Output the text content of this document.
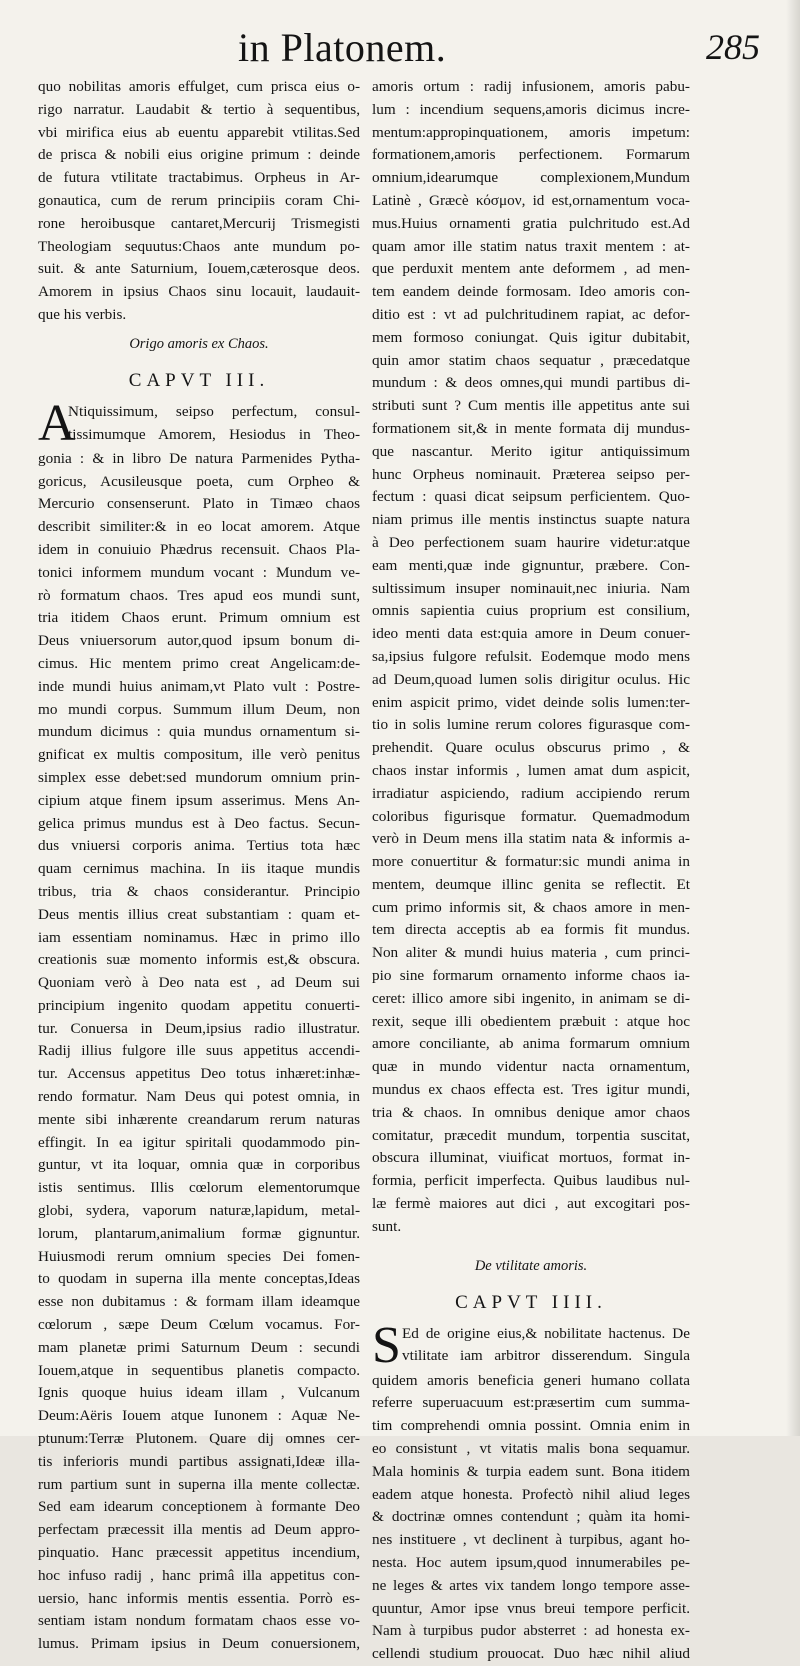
in Platonem.	285
quo nobilitas amoris effulget, cum prisca eius o-
rigo narratur. Laudabit & tertio à sequentibus,
vbi mirifica eius ab euentu apparebit vtilitas.Sed
de prisca & nobili eius origine primum : deinde
de futura vtilitate tractabimus. Orpheus in Ar-
gonautica, cum de rerum principiis coram Chi-
rone heroibusque cantaret,Mercurij Trismegisti
Theologiam sequutus:Chaos ante mundum po-
suit. & ante Saturnium, Iouem,cæterosque deos.
Amorem in ipsius Chaos sinu locauit, laudauit-
que his verbis.
Origo amoris ex Chaos.
CAPVT III.
A
Ntiquissimum, seipso perfectum, consul-
tissimumque Amorem, Hesiodus in Theo-
gonia : & in libro De natura Parmenides Pytha-
goricus, Acusileusque poeta, cum Orpheo &
Mercurio consenserunt. Plato in Timæo chaos
describit similiter:& in eo locat amorem. Atque
idem in conuiuio Phædrus recensuit. Chaos Pla-
tonici informem mundum vocant : Mundum ve-
rò formatum chaos. Tres apud eos mundi sunt,
tria itidem Chaos erunt. Primum omnium est
Deus vniuersorum autor,quod ipsum bonum di-
cimus. Hic mentem primo creat Angelicam:de-
inde mundi huius animam,vt Plato vult : Postre-
mo mundi corpus. Summum illum Deum, non
mundum dicimus : quia mundus ornamentum si-
gnificat ex multis compositum, ille verò penitus
simplex esse debet:sed mundorum omnium prin-
cipium atque finem ipsum asserimus. Mens An-
gelica primus mundus est à Deo factus. Secun-
dus vniuersi corporis anima. Tertius tota hæc
quam cernimus machina. In iis itaque mundis
tribus, tria & chaos considerantur. Principio
Deus mentis illius creat substantiam : quam et-
iam essentiam nominamus. Hæc in primo illo
creationis suæ momento informis est,& obscura.
Quoniam verò à Deo nata est , ad Deum sui
principium ingenito quodam appetitu conuerti-
tur. Conuersa in Deum,ipsius radio illustratur.
Radij illius fulgore ille suus appetitus accendi-
tur. Accensus appetitus Deo totus inhæret:inhæ-
rendo formatur. Nam Deus qui potest omnia, in
mente sibi inhærente creandarum rerum naturas
effingit. In ea igitur spiritali quodammodo pin-
guntur, vt ita loquar, omnia quæ in corporibus
istis sentimus. Illis cœlorum elementorumque
globi, sydera, vaporum naturæ,lapidum, metal-
lorum, plantarum,animalium formæ gignuntur.
Huiusmodi rerum omnium species Dei fomen-
to quodam in superna illa mente conceptas,Ideas
esse non dubitamus : & formam illam ideamque
cœlorum , sæpe Deum Cœlum vocamus. For-
mam planetæ primi Saturnum Deum : secundi
Iouem,atque in sequentibus planetis compacto.
Ignis quoque huius ideam illam , Vulcanum
Deum:Aëris Iouem atque Iunonem : Aquæ Ne-
ptunum:Terræ Plutonem. Quare dij omnes cer-
tis inferioris mundi partibus assignati,Ideæ illa-
rum partium sunt in superna illa mente collectæ.
Sed eam idearum conceptionem à formante Deo
perfectam præcessit illa mentis ad Deum appro-
pinquatio. Hanc præcessit appetitus incendium,
hoc infuso radij , hanc primâ illa appetitus con-
uersio, hanc informis mentis essentia. Porrò es-
sentiam istam nondum formatam chaos esse vo-
lumus. Primam ipsius in Deum conuersionem,
amoris ortum : radij infusionem, amoris pabu-
lum : incendium sequens,amoris dicimus incre-
mentum:appropinquationem, amoris impetum:
formationem,amoris perfectionem. Formarum
omnium,idearumque complexionem,Mundum
Latinè , Græcè κόσμον, id est,ornamentum voca-
mus.Huius ornamenti gratia pulchritudo est.Ad
quam amor ille statim natus traxit mentem : at-
que perduxit mentem ante deformem , ad men-
tem eandem deinde formosam. Ideo amoris con-
ditio est : vt ad pulchritudinem rapiat, ac defor-
mem formoso coniungat. Quis igitur dubitabit,
quin amor statim chaos sequatur , præcedatque
mundum : & deos omnes,qui mundi partibus di-
stributi sunt ? Cum mentis ille appetitus ante sui
formationem sit,& in mente formata dij mundus-
que nascantur. Merito igitur antiquissimum
hunc Orpheus nominauit. Præterea seipso per-
fectum : quasi dicat seipsum perficientem. Quo-
niam primus ille mentis instinctus suapte natura
à Deo perfectionem suam haurire videtur:atque
eam menti,quæ inde gignuntur, præbere. Con-
sultissimum insuper nominauit,nec iniuria. Nam
omnis sapientia cuius proprium est consilium,
ideo menti data est:quia amore in Deum conuer-
sa,ipsius fulgore refulsit. Eodemque modo mens
ad Deum,quoad lumen solis dirigitur oculus. Hic
enim aspicit primo, videt deinde solis lumen:ter-
tio in solis lumine rerum colores figurasque com-
prehendit. Quare oculus obscurus primo , &
chaos instar informis , lumen amat dum aspicit,
irradiatur aspiciendo, radium accipiendo rerum
coloribus figurisque formatur. Quemadmodum
verò in Deum mens illa statim nata & informis a-
more conuertitur & formatur:sic mundi anima in
mentem, deumque illinc genita se reflectit. Et
cum primo informis sit, & chaos amore in men-
tem directa acceptis ab ea formis fit mundus.
Non aliter & mundi huius materia , cum princi-
pio sine formarum ornamento informe chaos ia-
ceret: illico amore sibi ingenito, in animam se di-
rexit, seque illi obedientem præbuit : atque hoc
amore conciliante, ab anima formarum omnium
quæ in mundo videntur nacta ornamentum,
mundus ex chaos effecta est. Tres igitur mundi,
tria & chaos. In omnibus denique amor chaos
comitatur, præcedit mundum, torpentia suscitat,
obscura illuminat, viuificat mortuos, format in-
formia, perficit imperfecta. Quibus laudibus nul-
læ fermè maiores aut dici , aut excogitari pos-
sunt.
De vtilitate amoris.
CAPVT IIII.
S Ed de origine eius,& nobilitate hactenus. De
vtilitate iam arbitror disserendum. Singula
quidem amoris beneficia generi humano collata
referre superuacuum est:præsertim cum summa-
tim comprehendi omnia possint. Omnia enim in
eo consistunt , vt vitatis malis bona sequamur.
Mala hominis & turpia eadem sunt. Bona itidem
eadem atque honesta. Profectò nihil aliud leges
& doctrinæ omnes contendunt ; quàm ita homi-
nes instituere , vt declinent à turpibus, agant ho-
nesta. Hoc autem ipsum,quod innumerabiles pe-
ne leges & artes vix tandem longo tempore asse-
quuntur, Amor ipse vnus breui tempore perficit.
Nam à turpibus pudor absterret : ad honesta ex-
cellendi studium prouocat. Duo hæc nihil aliud
